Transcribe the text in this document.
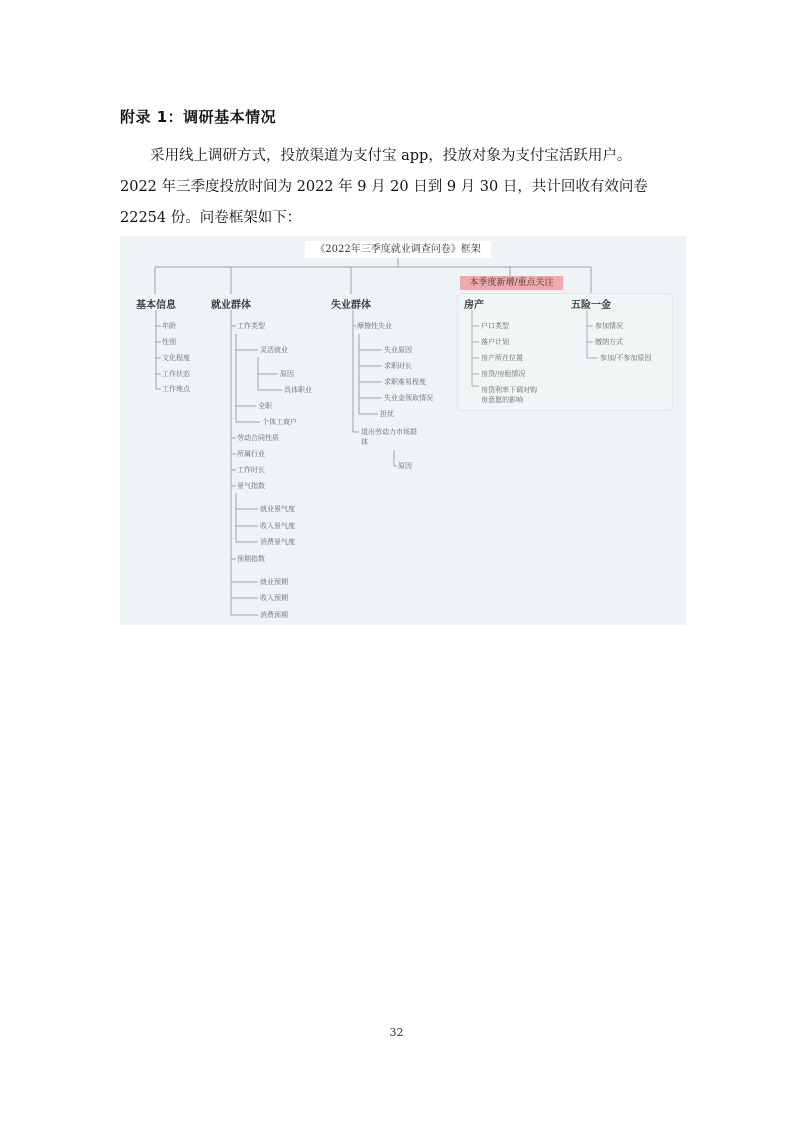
附录 1：调研基本情况

采用线上调研方式，投放渠道为支付宝 app，投放对象为支付宝活跃用户。

2022 年三季度投放时间为 2022 年 9 月 20 日到 9 月 30 日，共计回收有效问卷

22254 份。问卷框架如下：

《2022年三季度就业调查问卷》框架
本季度新增/重点关注
基本信息	就业群体	失业群体	房产	五险一金
年龄
性别
文化程度
工作状态
工作地点
工作类型
灵活就业
原因
具体职业
全职
个体工商户
劳动合同性质
所属行业
工作时长
景气指数
就业景气度
收入景气度
消费景气度
预期指数
就业预期
收入预期
消费预期
摩擦性失业
失业原因
求职时长
求职难易程度
失业金领取情况
担忧
退出劳动力市场群
体
原因
户口类型
落户计划
房产所在位置
房贷/房租情况
房贷利率下调对购
房意愿的影响
参加情况
缴纳方式
参加/不参加原因
32
